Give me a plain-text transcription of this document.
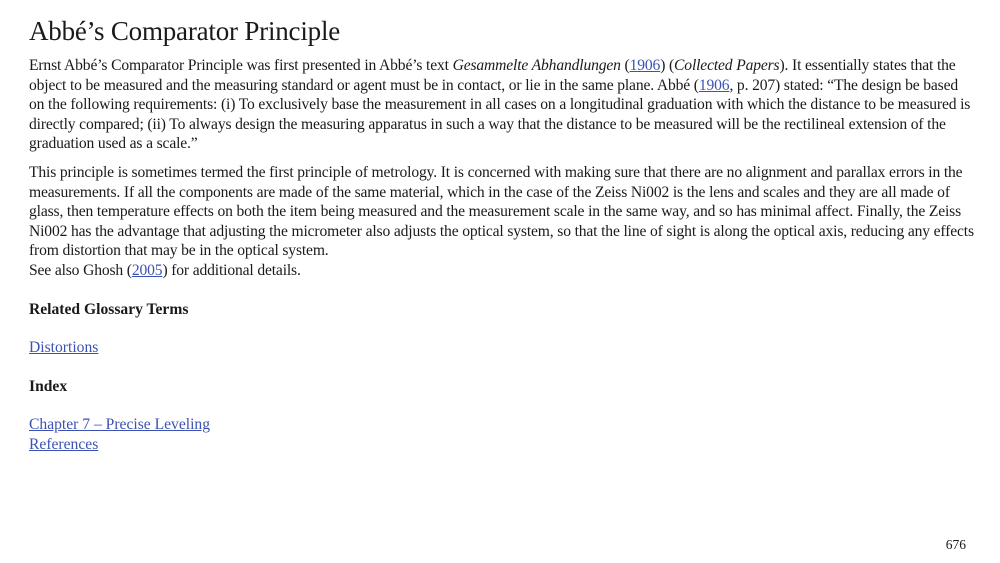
Abbé’s Comparator Principle

Ernst Abbé’s Comparator Principle was first presented in Abbé’s text Gesammelte Abhandlungen (1906) (Collected Papers). It essentially states that the object to be measured and the measuring standard or agent must be in contact, or lie in the same plane. Abbé (1906, p. 207) stated: “The design be based on the following requirements: (i) To exclusively base the measurement in all cases on a longitudinal graduation with which the distance to be measured is directly compared; (ii) To always design the measuring apparatus in such a way that the distance to be measured will be the rectilineal extension of the graduation used as a scale.”

This principle is sometimes termed the first principle of metrology. It is concerned with making sure that there are no alignment and parallax errors in the measurements. If all the components are made of the same material, which in the case of the Zeiss Ni002 is the lens and scales and they are all made of glass, then temperature effects on both the item being measured and the measurement scale in the same way, and so has minimal affect. Finally, the Zeiss Ni002 has the advantage that adjusting the micrometer also adjusts the optical system, so that the line of sight is along the optical axis, reducing any effects from distortion that may be in the optical system.
See also Ghosh (2005) for additional details.

Related Glossary Terms
Distortions
Index
Chapter 7 – Precise Leveling
References
676
